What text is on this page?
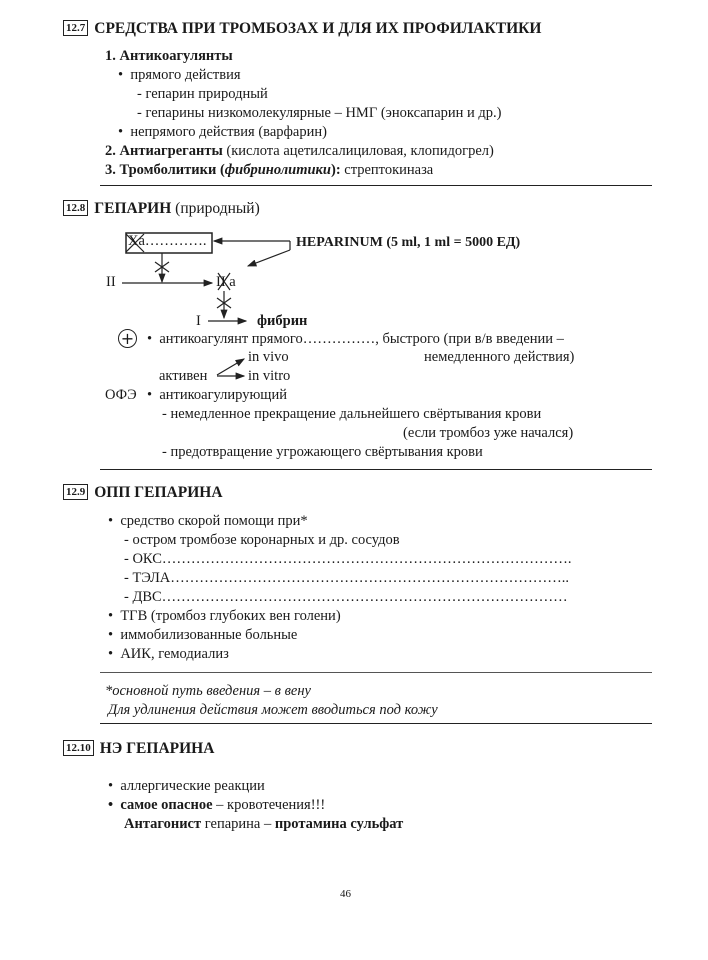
12.7 СРЕДСТВА ПРИ ТРОМБОЗАХ И ДЛЯ ИХ ПРОФИЛАКТИКИ
1. Антикоагулянты
•  прямого действия
- гепарин природный
- гепарины низкомолекулярные – НМГ (эноксапарин и др.)
•  непрямого действия (варфарин)
2. Антиагреганты (кислота ацетилсалициловая, клопидогрел)
3. Тромболитики (фибринолитики): стрептокиназа
12.8 ГЕПАРИН (природный)
Xa………….	HEPARINUM (5 ml, 1 ml = 5000 ЕД)
II	II a
I	фибрин
+ •  антикоагулянт прямого……………, быстрого (при в/в введении –
in vivo	немедленного действия)
активен	in vitro
ОФЭ •  антикоагулирующий
- немедленное прекращение дальнейшего свёртывания крови
(если тромбоз уже начался)
- предотвращение угрожающего свёртывания крови
12.9 ОПП ГЕПАРИНА
•  средство скорой помощи при*
- остром тромбозе коронарных и др. сосудов
- ОКС………………………………………………………………………….
- ТЭЛА………………………………………………………………………..
- ДВС…………………………………………………………………………
•  ТГВ (тромбоз глубоких вен голени)
•  иммобилизованные больные
•  АИК, гемодиализ
*основной путь введения – в вену
Для удлинения действия может вводиться под кожу
12.10 НЭ ГЕПАРИНА
•  аллергические реакции
• самое опасное – кровотечения!!!
Антагонист гепарина – протамина сульфат
46
